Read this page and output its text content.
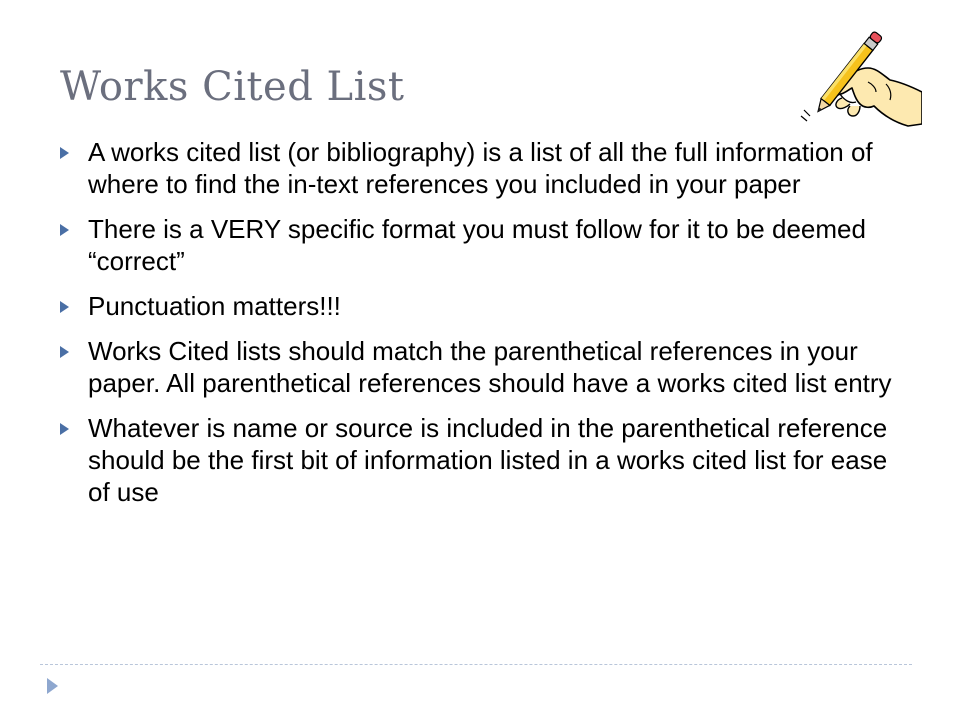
Works Cited List
A works cited list (or bibliography) is a list of all the full information of where to find the in-text references you included in your paper
There is a VERY specific format you must follow for it to be deemed “correct”
Punctuation matters!!!
Works Cited lists should match the parenthetical references in your paper. All parenthetical references should have a works cited list entry
Whatever is name or source is included in the parenthetical reference should be the first bit of information listed in a works cited list for ease of use
